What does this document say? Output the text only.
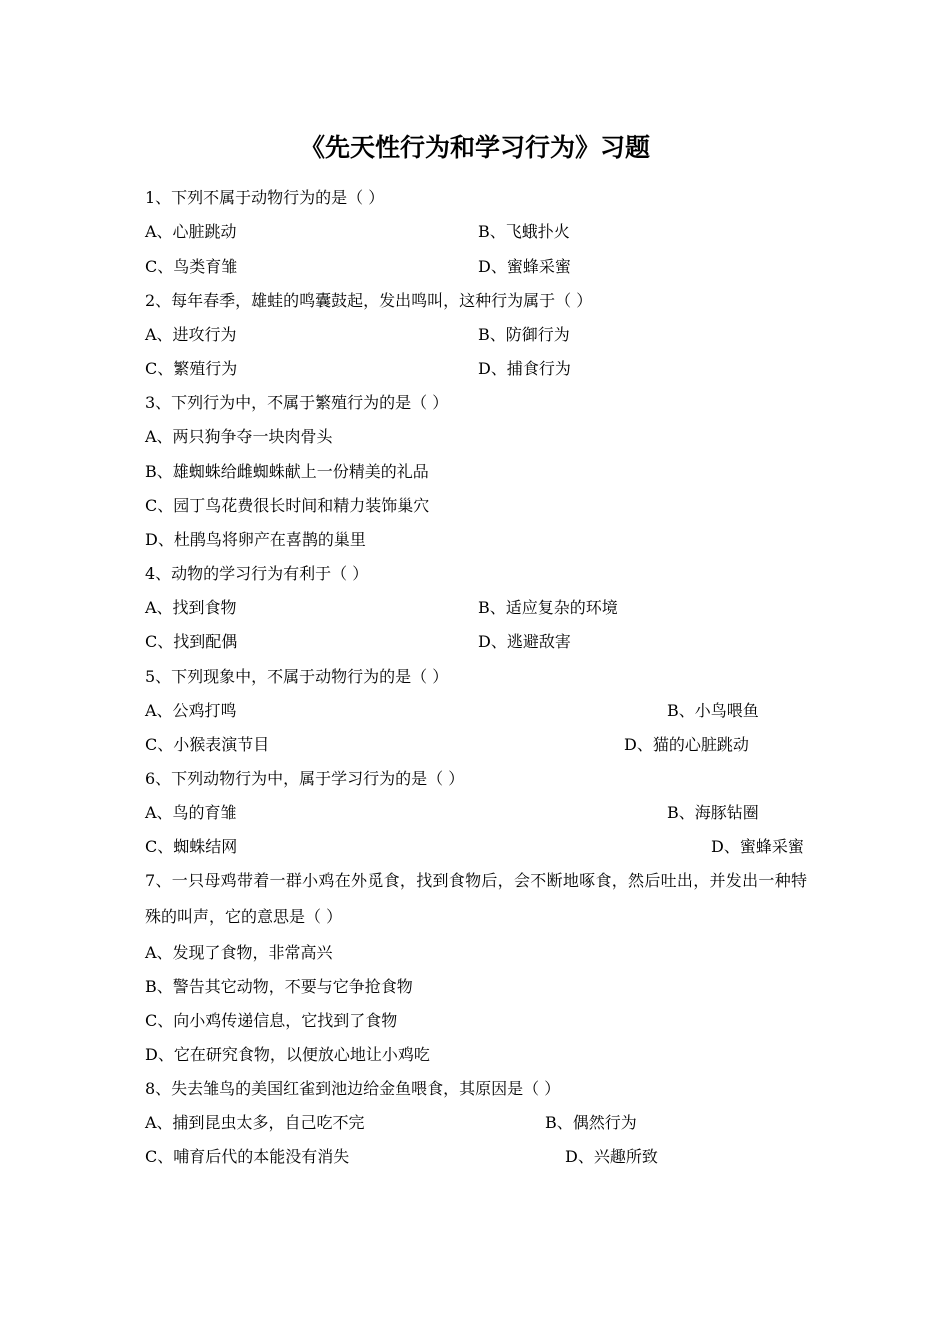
《先天性行为和学习行为》习题
1、下列不属于动物行为的是（ ）
A、心脏跳动	B、飞蛾扑火
C、鸟类育雏	D、蜜蜂采蜜
2、每年春季，雄蛙的鸣囊鼓起，发出鸣叫，这种行为属于（ ）
A、进攻行为	B、防御行为
C、繁殖行为	D、捕食行为
3、下列行为中，不属于繁殖行为的是（ ）
A、两只狗争夺一块肉骨头
B、雄蜘蛛给雌蜘蛛献上一份精美的礼品
C、园丁鸟花费很长时间和精力装饰巢穴
D、杜鹃鸟将卵产在喜鹊的巢里
4、动物的学习行为有利于（ ）
A、找到食物	B、适应复杂的环境
C、找到配偶	D、逃避敌害
5、下列现象中，不属于动物行为的是（ ）
A、公鸡打鸣	B、小鸟喂鱼
C、小猴表演节目	D、猫的心脏跳动
6、下列动物行为中，属于学习行为的是（ ）
A、鸟的育雏	B、海豚钻圈
C、蜘蛛结网	D、蜜蜂采蜜
7、一只母鸡带着一群小鸡在外觅食，找到食物后，会不断地啄食，然后吐出，并发出一种特殊的叫声，它的意思是（ ）
A、发现了食物，非常高兴
B、警告其它动物，不要与它争抢食物
C、向小鸡传递信息，它找到了食物
D、它在研究食物，以便放心地让小鸡吃
8、失去雏鸟的美国红雀到池边给金鱼喂食，其原因是（ ）
A、捕到昆虫太多，自己吃不完	B、偶然行为
C、哺育后代的本能没有消失	D、兴趣所致
